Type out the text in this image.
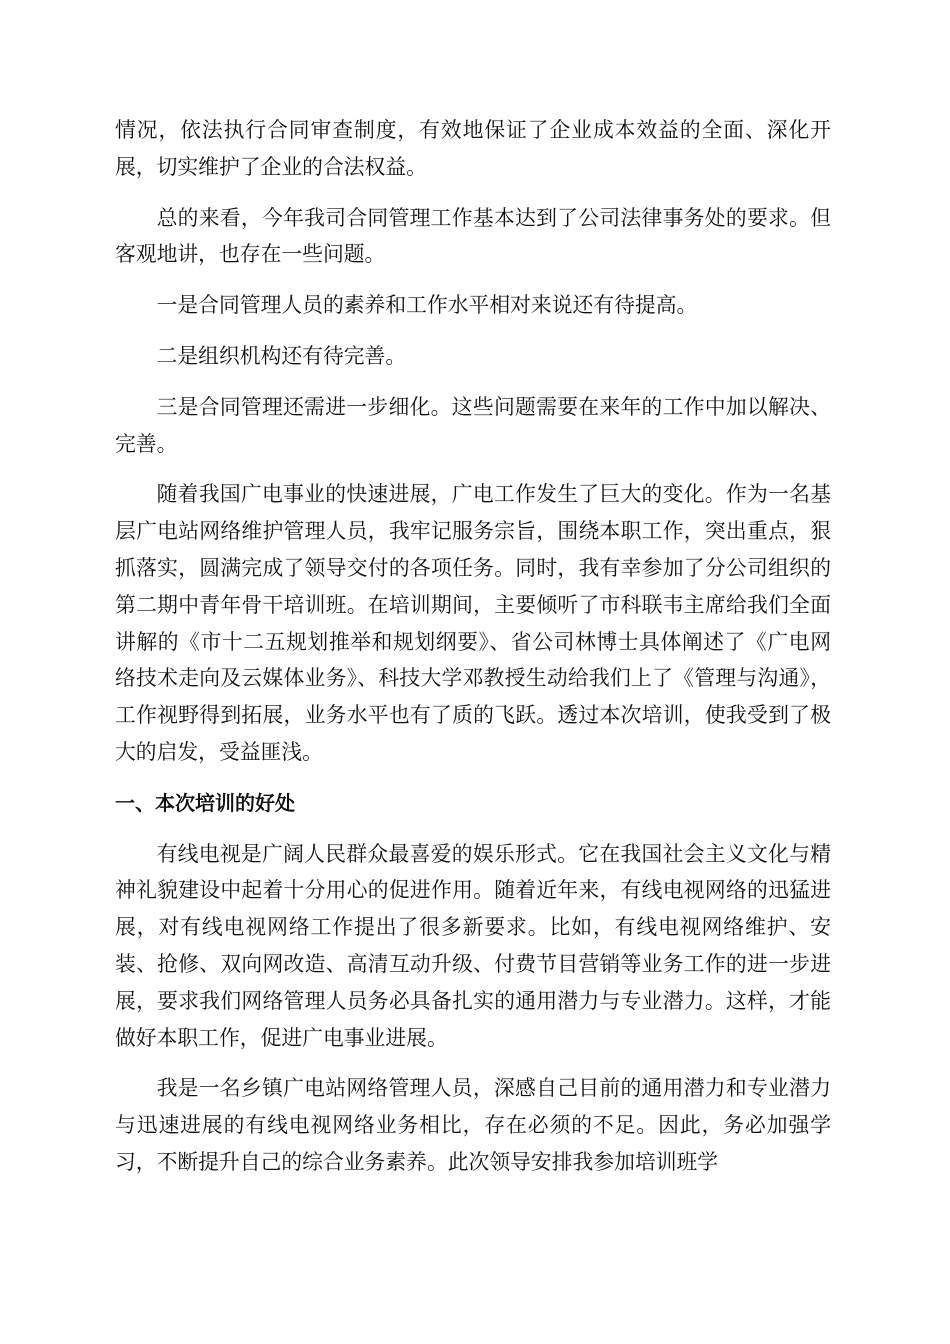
情况，依法执行合同审查制度，有效地保证了企业成本效益的全面、深化开展，切实维护了企业的合法权益。

总的来看，今年我司合同管理工作基本达到了公司法律事务处的要求。但客观地讲，也存在一些问题。

一是合同管理人员的素养和工作水平相对来说还有待提高。

二是组织机构还有待完善。

三是合同管理还需进一步细化。这些问题需要在来年的工作中加以解决、完善。

随着我国广电事业的快速进展，广电工作发生了巨大的变化。作为一名基层广电站网络维护管理人员，我牢记服务宗旨，围绕本职工作，突出重点，狠抓落实，圆满完成了领导交付的各项任务。同时，我有幸参加了分公司组织的第二期中青年骨干培训班。在培训期间，主要倾听了市科联韦主席给我们全面讲解的《市十二五规划推举和规划纲要》、省公司林博士具体阐述了《广电网络技术走向及云媒体业务》、科技大学邓教授生动给我们上了《管理与沟通》，工作视野得到拓展，业务水平也有了质的飞跃。透过本次培训，使我受到了极大的启发，受益匪浅。

一、本次培训的好处

有线电视是广阔人民群众最喜爱的娱乐形式。它在我国社会主义文化与精神礼貌建设中起着十分用心的促进作用。随着近年来，有线电视网络的迅猛进展，对有线电视网络工作提出了很多新要求。比如，有线电视网络维护、安装、抢修、双向网改造、高清互动升级、付费节目营销等业务工作的进一步进展，要求我们网络管理人员务必具备扎实的通用潜力与专业潜力。这样，才能做好本职工作，促进广电事业进展。

我是一名乡镇广电站网络管理人员，深感自己目前的通用潜力和专业潜力与迅速进展的有线电视网络业务相比，存在必须的不足。因此，务必加强学习，不断提升自己的综合业务素养。此次领导安排我参加培训班学
